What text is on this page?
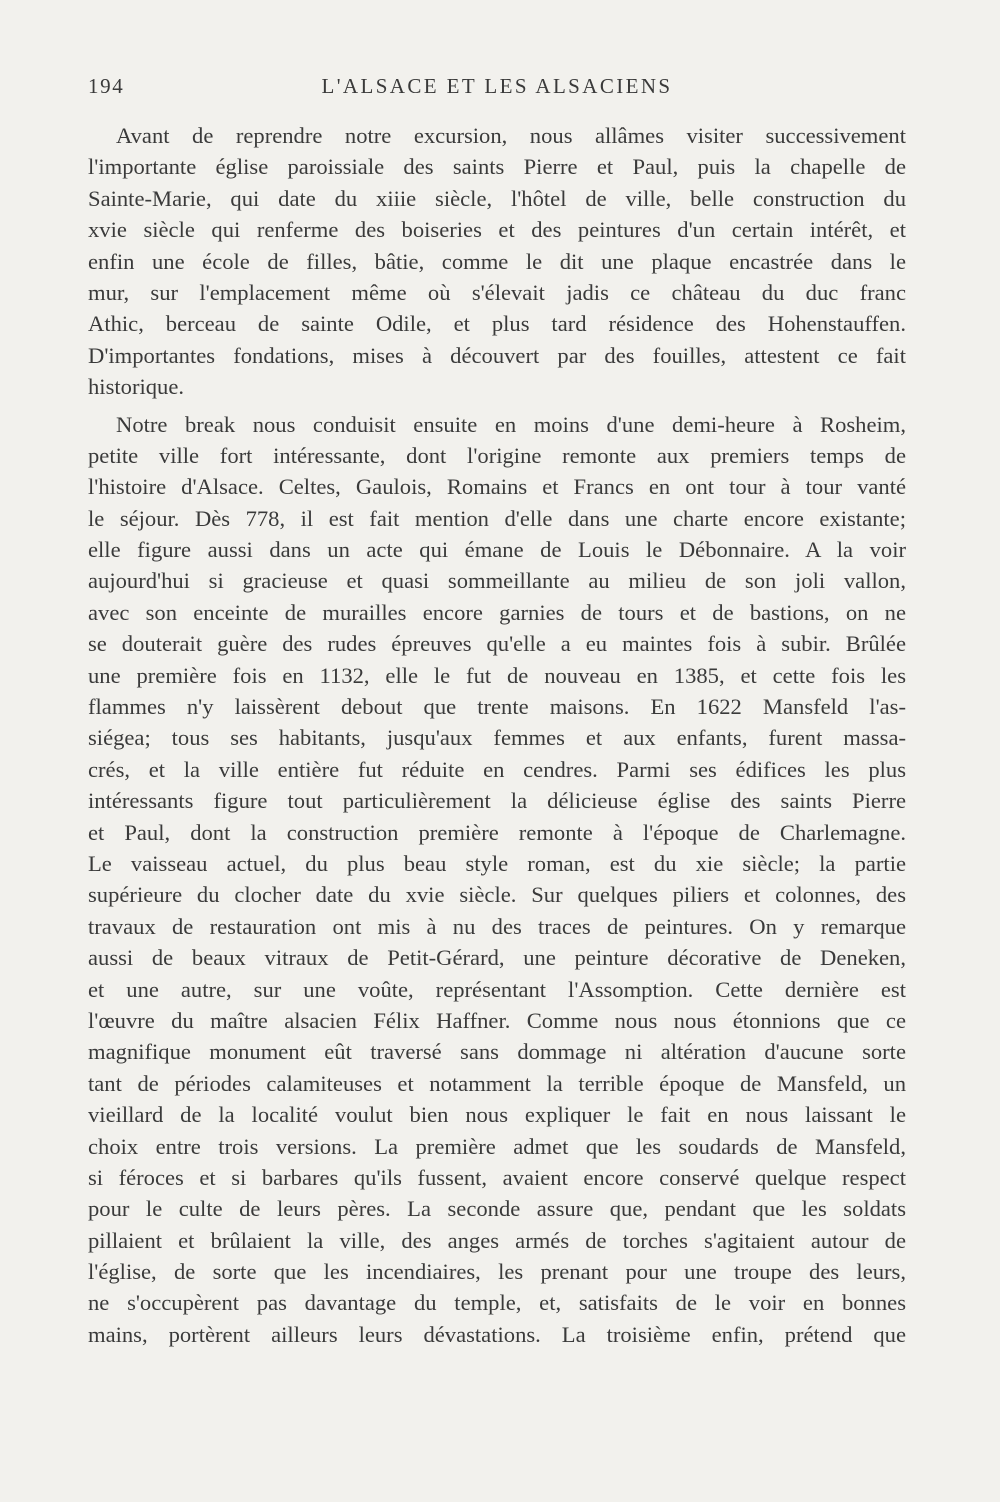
194	L'ALSACE ET LES ALSACIENS
Avant de reprendre notre excursion, nous allâmes visiter successivement
l'importante église paroissiale des saints Pierre et Paul, puis la chapelle de
Sainte-Marie, qui date du xiiie siècle, l'hôtel de ville, belle construction du
xvie siècle qui renferme des boiseries et des peintures d'un certain intérêt, et
enfin une école de filles, bâtie, comme le dit une plaque encastrée dans le
mur, sur l'emplacement même où s'élevait jadis ce château du duc franc
Athic, berceau de sainte Odile, et plus tard résidence des Hohenstauffen.
D'importantes fondations, mises à découvert par des fouilles, attestent ce fait
historique.
Notre break nous conduisit ensuite en moins d'une demi-heure à Rosheim,
petite ville fort intéressante, dont l'origine remonte aux premiers temps de
l'histoire d'Alsace. Celtes, Gaulois, Romains et Francs en ont tour à tour vanté
le séjour. Dès 778, il est fait mention d'elle dans une charte encore existante;
elle figure aussi dans un acte qui émane de Louis le Débonnaire. A la voir
aujourd'hui si gracieuse et quasi sommeillante au milieu de son joli vallon,
avec son enceinte de murailles encore garnies de tours et de bastions, on ne
se douterait guère des rudes épreuves qu'elle a eu maintes fois à subir. Brûlée
une première fois en 1132, elle le fut de nouveau en 1385, et cette fois les
flammes n'y laissèrent debout que trente maisons. En 1622 Mansfeld l'as-
siégea; tous ses habitants, jusqu'aux femmes et aux enfants, furent massa-
crés, et la ville entière fut réduite en cendres. Parmi ses édifices les plus
intéressants figure tout particulièrement la délicieuse église des saints Pierre
et Paul, dont la construction première remonte à l'époque de Charlemagne.
Le vaisseau actuel, du plus beau style roman, est du xie siècle; la partie
supérieure du clocher date du xvie siècle. Sur quelques piliers et colonnes, des
travaux de restauration ont mis à nu des traces de peintures. On y remarque
aussi de beaux vitraux de Petit-Gérard, une peinture décorative de Deneken,
et une autre, sur une voûte, représentant l'Assomption. Cette dernière est
l'œuvre du maître alsacien Félix Haffner. Comme nous nous étonnions que ce
magnifique monument eût traversé sans dommage ni altération d'aucune sorte
tant de périodes calamiteuses et notamment la terrible époque de Mansfeld, un
vieillard de la localité voulut bien nous expliquer le fait en nous laissant le
choix entre trois versions. La première admet que les soudards de Mansfeld,
si féroces et si barbares qu'ils fussent, avaient encore conservé quelque respect
pour le culte de leurs pères. La seconde assure que, pendant que les soldats
pillaient et brûlaient la ville, des anges armés de torches s'agitaient autour de
l'église, de sorte que les incendiaires, les prenant pour une troupe des leurs,
ne s'occupèrent pas davantage du temple, et, satisfaits de le voir en bonnes
mains, portèrent ailleurs leurs dévastations. La troisième enfin, prétend que
